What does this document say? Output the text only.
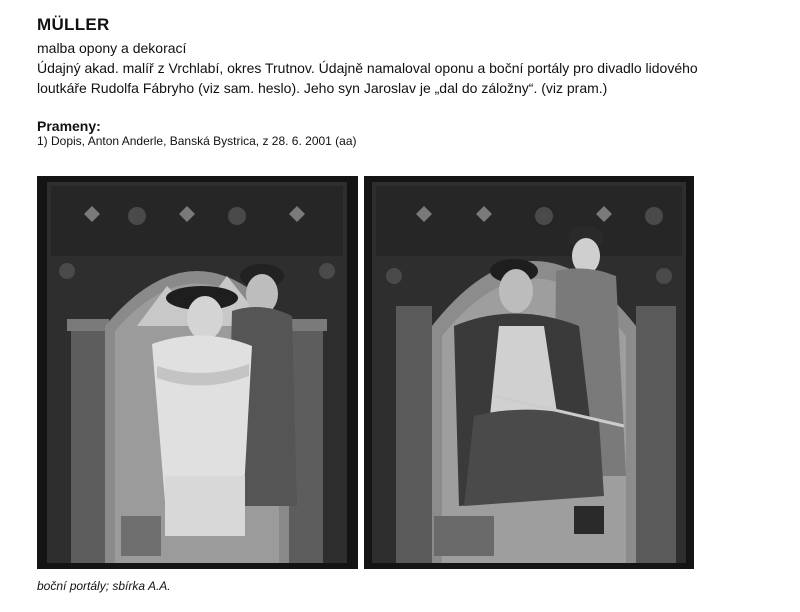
MÜLLER
malba opony a dekorací

Údajný akad. malíř z Vrchlabí, okres Trutnov. Údajně namaloval oponu a boční portály pro divadlo lidového

loutkáře Rudolfa Fábryho (viz sam. heslo). Jeho syn Jaroslav je „dal do záložny“. (viz pram.)

Prameny:
1) Dopis, Anton Anderle, Banská Bystrica, z 28. 6. 2001 (aa)
boční portály; sbírka A.A.
